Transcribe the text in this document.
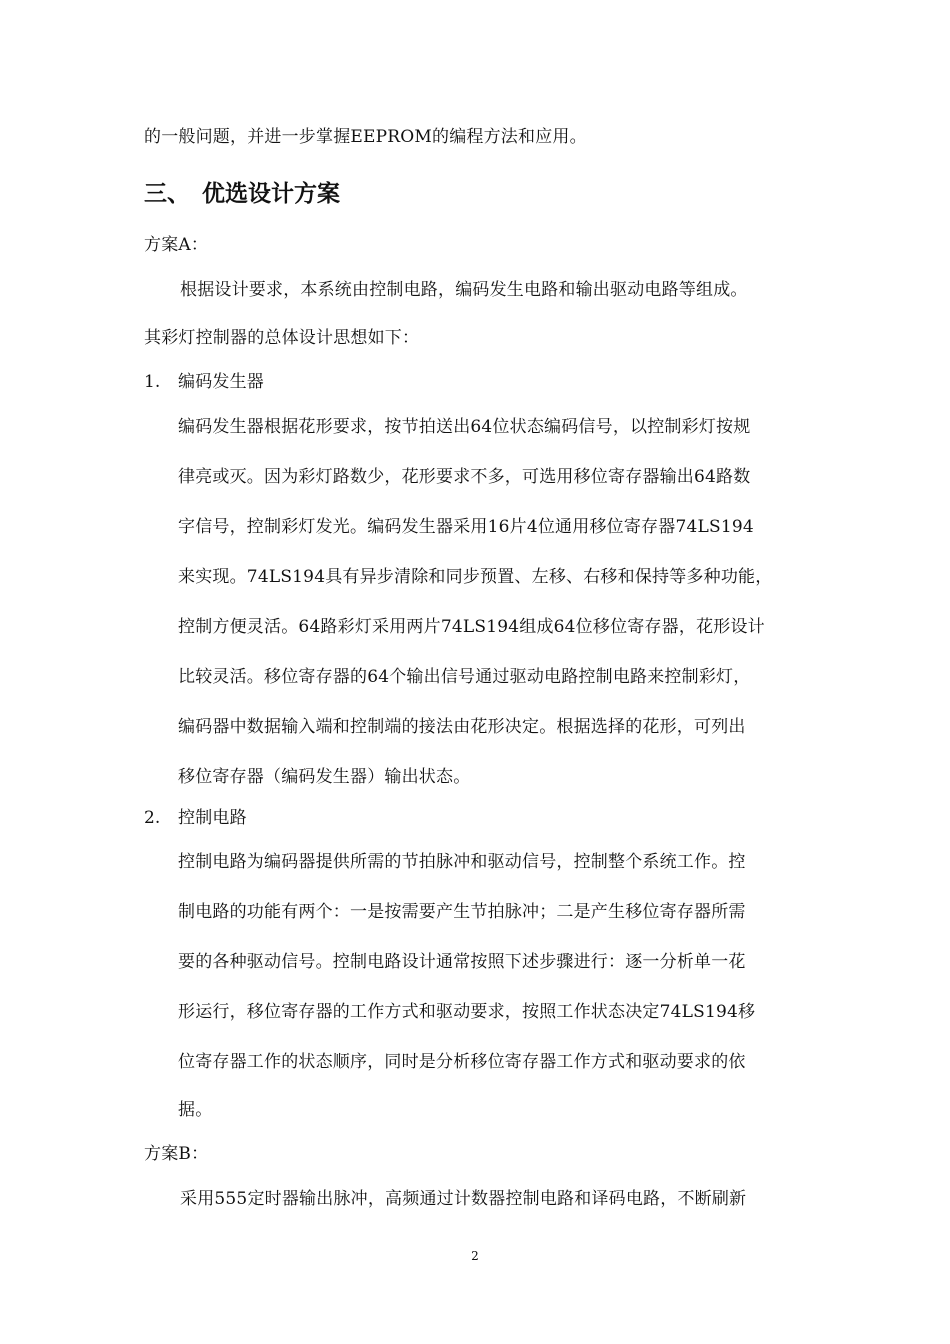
的一般问题，并进一步掌握EEPROM的编程方法和应用。
三、 优选设计方案
方案A：
根据设计要求，本系统由控制电路，编码发生电路和输出驱动电路等组成。
其彩灯控制器的总体设计思想如下：
1. 编码发生器
编码发生器根据花形要求，按节拍送出64位状态编码信号，以控制彩灯按规
律亮或灭。因为彩灯路数少，花形要求不多，可选用移位寄存器输出64路数
字信号，控制彩灯发光。编码发生器采用16片4位通用移位寄存器74LS194
来实现。74LS194具有异步清除和同步预置、左移、右移和保持等多种功能，
控制方便灵活。64路彩灯采用两片74LS194组成64位移位寄存器，花形设计
比较灵活。移位寄存器的64个输出信号通过驱动电路控制电路来控制彩灯，
编码器中数据输入端和控制端的接法由花形决定。根据选择的花形，可列出
移位寄存器（编码发生器）输出状态。
2. 控制电路
控制电路为编码器提供所需的节拍脉冲和驱动信号，控制整个系统工作。控
制电路的功能有两个：一是按需要产生节拍脉冲；二是产生移位寄存器所需
要的各种驱动信号。控制电路设计通常按照下述步骤进行：逐一分析单一花
形运行，移位寄存器的工作方式和驱动要求，按照工作状态决定74LS194移
位寄存器工作的状态顺序，同时是分析移位寄存器工作方式和驱动要求的依
据。
方案B：
采用555定时器输出脉冲，高频通过计数器控制电路和译码电路，不断刷新
2
